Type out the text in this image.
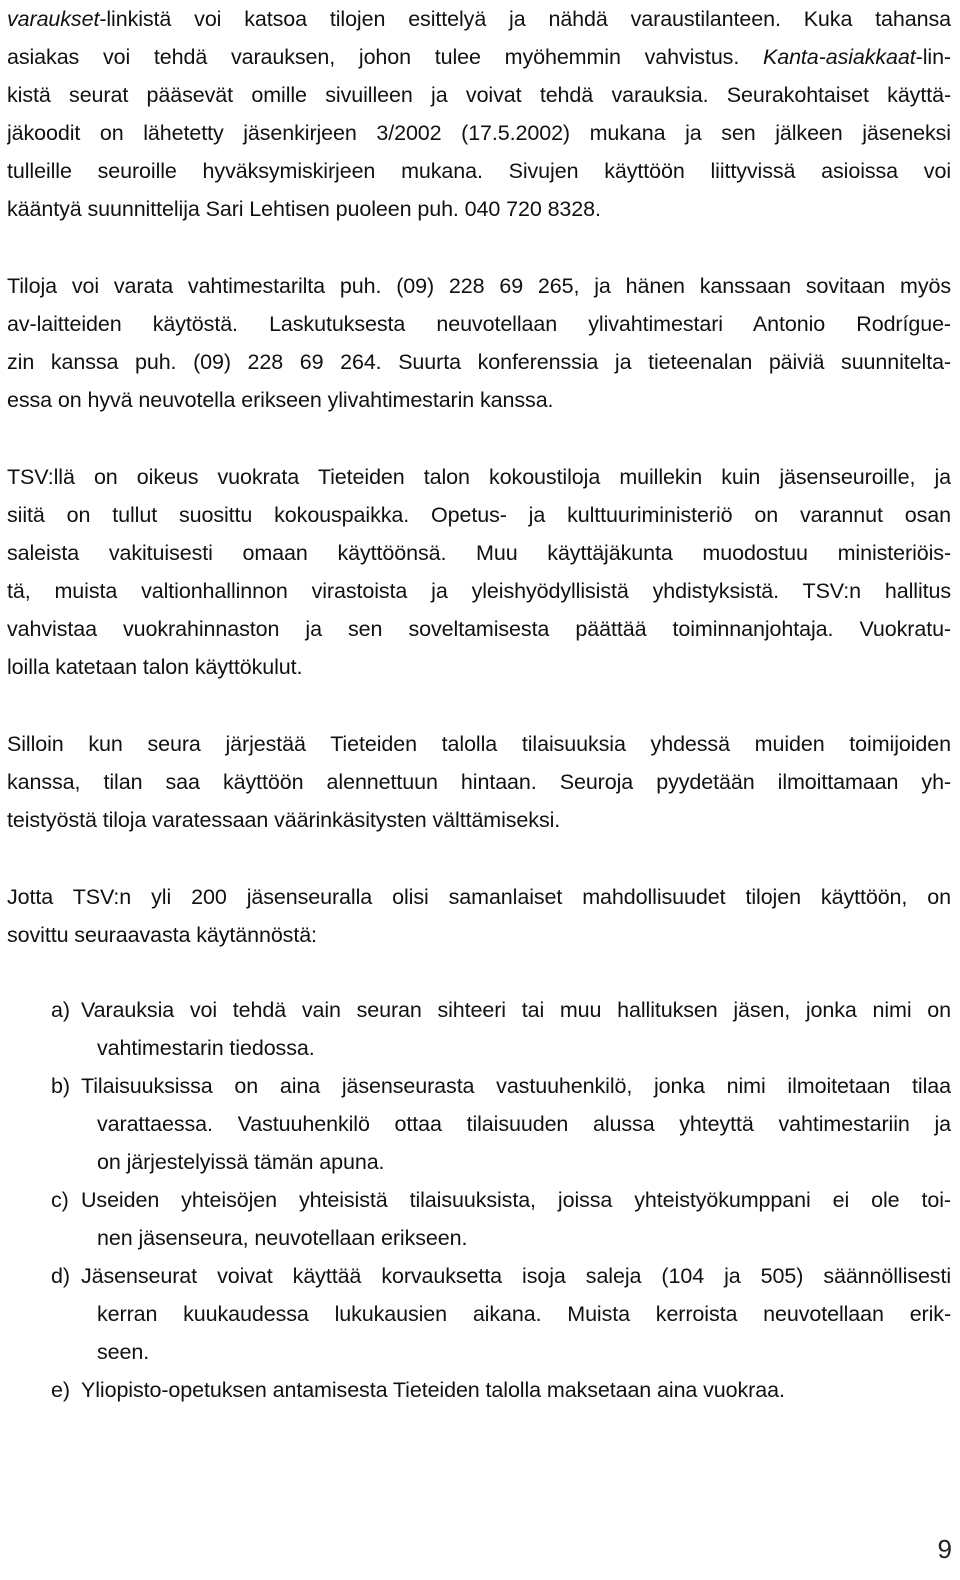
varaukset-linkistä voi katsoa tilojen esittelyä ja nähdä varaustilanteen. Kuka tahansa
asiakas voi tehdä varauksen, johon tulee myöhemmin vahvistus. Kanta-asiakkaat-lin-
kistä seurat pääsevät omille sivuilleen ja voivat tehdä varauksia. Seurakohtaiset käyttä-
jäkoodit on lähetetty jäsenkirjeen 3/2002 (17.5.2002) mukana ja sen jälkeen jäseneksi
tulleille seuroille hyväksymiskirjeen mukana. Sivujen käyttöön liittyvissä asioissa voi
kääntyä suunnittelija Sari Lehtisen puoleen puh. 040 720 8328.
Tiloja voi varata vahtimestarilta puh. (09) 228 69 265, ja hänen kanssaan sovitaan myös
av-laitteiden käytöstä. Laskutuksesta neuvotellaan ylivahtimestari Antonio Rodrígue-
zin kanssa puh. (09) 228 69 264. Suurta konferenssia ja tieteenalan päiviä suunnitelta-
essa on hyvä neuvotella erikseen ylivahtimestarin kanssa.
TSV:llä on oikeus vuokrata Tieteiden talon kokoustiloja muillekin kuin jäsenseuroille, ja
siitä on tullut suosittu kokouspaikka. Opetus- ja kulttuuriministeriö on varannut osan
saleista vakituisesti omaan käyttöönsä. Muu käyttäjäkunta muodostuu ministeriöis-
tä, muista valtionhallinnon virastoista ja yleishyödyllisistä yhdistyksistä. TSV:n hallitus
vahvistaa vuokrahinnaston ja sen soveltamisesta päättää toiminnanjohtaja. Vuokratu-
loilla katetaan talon käyttökulut.
Silloin kun seura järjestää Tieteiden talolla tilaisuuksia yhdessä muiden toimijoiden
kanssa, tilan saa käyttöön alennettuun hintaan. Seuroja pyydetään ilmoittamaan yh-
teistyöstä tiloja varatessaan väärinkäsitysten välttämiseksi.
Jotta TSV:n yli 200 jäsenseuralla olisi samanlaiset mahdollisuudet tilojen käyttöön, on
sovittu seuraavasta käytännöstä:
a) Varauksia voi tehdä vain seuran sihteeri tai muu hallituksen jäsen, jonka nimi on
vahtimestarin tiedossa.
b) Tilaisuuksissa on aina jäsenseurasta vastuuhenkilö, jonka nimi ilmoitetaan tilaa
varattaessa. Vastuuhenkilö ottaa tilaisuuden alussa yhteyttä vahtimestariin ja
on järjestelyissä tämän apuna.
c) Useiden yhteisöjen yhteisistä tilaisuuksista, joissa yhteistyökumppani ei ole toi-
nen jäsenseura, neuvotellaan erikseen.
d) Jäsenseurat voivat käyttää korvauksetta isoja saleja (104 ja 505) säännöllisesti
kerran kuukaudessa lukukausien aikana. Muista kerroista neuvotellaan erik-
seen.
e) Yliopisto-opetuksen antamisesta Tieteiden talolla maksetaan aina vuokraa.
9
